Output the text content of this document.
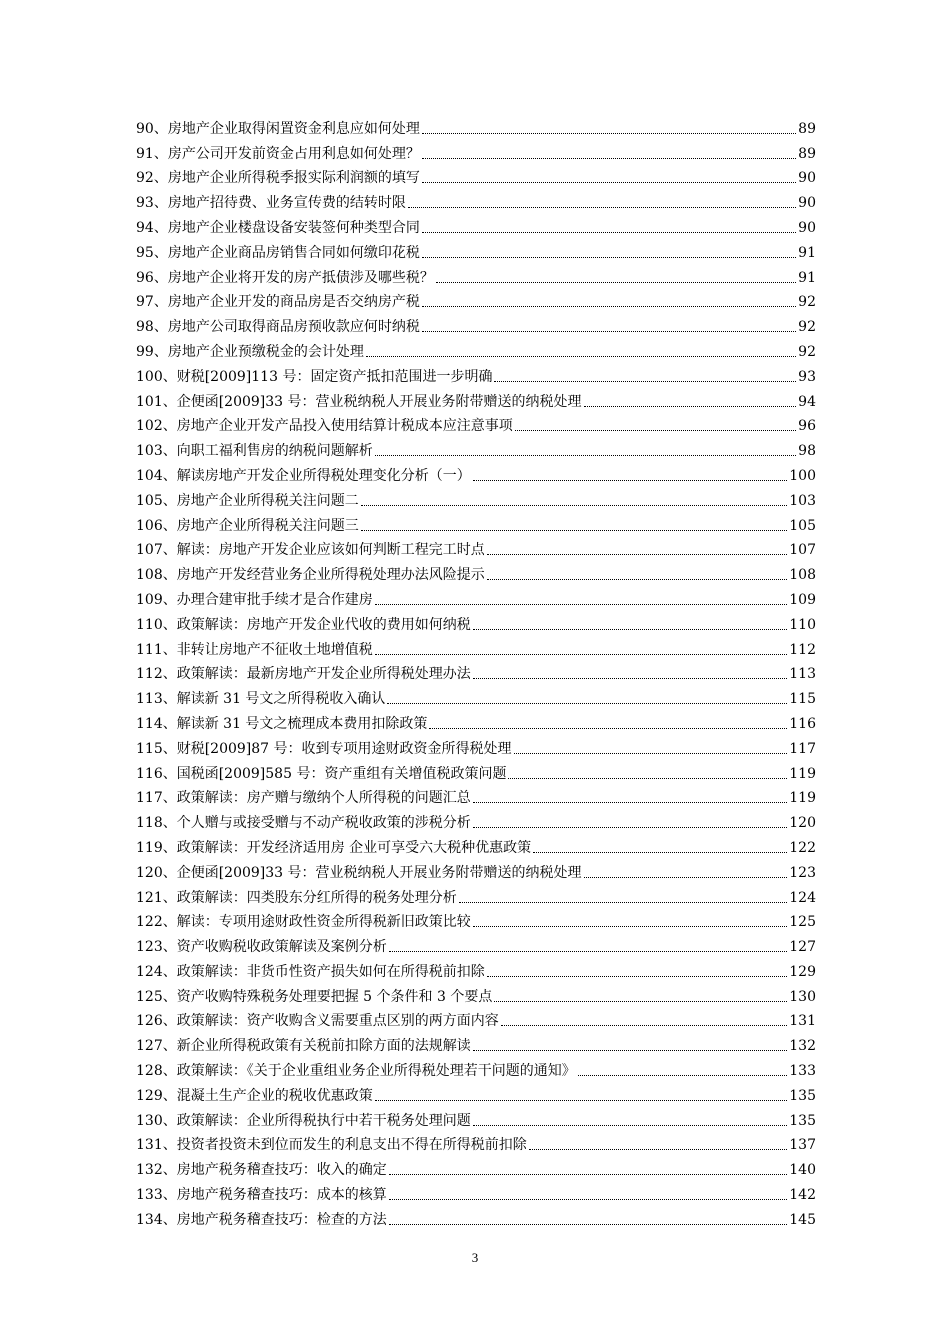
90、房地产企业取得闲置资金利息应如何处理	89
91、房产公司开发前资金占用利息如何处理？	89
92、房地产企业所得税季报实际利润额的填写	90
93、房地产招待费、业务宣传费的结转时限	90
94、房地产企业楼盘设备安装签何种类型合同	90
95、房地产企业商品房销售合同如何缴印花税	91
96、房地产企业将开发的房产抵债涉及哪些税？	91
97、房地产企业开发的商品房是否交纳房产税	92
98、房地产公司取得商品房预收款应何时纳税	92
99、房地产企业预缴税金的会计处理	92
100、财税[2009]113 号：固定资产抵扣范围进一步明确	93
101、企便函[2009]33 号：营业税纳税人开展业务附带赠送的纳税处理	94
102、房地产企业开发产品投入使用结算计税成本应注意事项	96
103、向职工福利售房的纳税问题解析	98
104、解读房地产开发企业所得税处理变化分析（一）	100
105、房地产企业所得税关注问题二	103
106、房地产企业所得税关注问题三	105
107、解读：房地产开发企业应该如何判断工程完工时点	107
108、房地产开发经营业务企业所得税处理办法风险提示	108
109、办理合建审批手续才是合作建房	109
110、政策解读：房地产开发企业代收的费用如何纳税	110
111、非转让房地产不征收土地增值税	112
112、政策解读：最新房地产开发企业所得税处理办法	113
113、解读新 31 号文之所得税收入确认	115
114、解读新 31 号文之梳理成本费用扣除政策	116
115、财税[2009]87 号：收到专项用途财政资金所得税处理	117
116、国税函[2009]585 号：资产重组有关增值税政策问题	119
117、政策解读：房产赠与缴纳个人所得税的问题汇总	119
118、个人赠与或接受赠与不动产税收政策的涉税分析	120
119、政策解读：开发经济适用房 企业可享受六大税种优惠政策	122
120、企便函[2009]33 号：营业税纳税人开展业务附带赠送的纳税处理	123
121、政策解读：四类股东分红所得的税务处理分析	124
122、解读：专项用途财政性资金所得税新旧政策比较	125
123、资产收购税收政策解读及案例分析	127
124、政策解读：非货币性资产损失如何在所得税前扣除	129
125、资产收购特殊税务处理要把握 5 个条件和 3 个要点	130
126、政策解读：资产收购含义需要重点区别的两方面内容	131
127、新企业所得税政策有关税前扣除方面的法规解读	132
128、政策解读：《关于企业重组业务企业所得税处理若干问题的通知》	133
129、混凝土生产企业的税收优惠政策	135
130、政策解读：企业所得税执行中若干税务处理问题	135
131、投资者投资未到位而发生的利息支出不得在所得税前扣除	137
132、房地产税务稽查技巧：收入的确定	140
133、房地产税务稽查技巧：成本的核算	142
134、房地产税务稽查技巧：检查的方法	145
3
